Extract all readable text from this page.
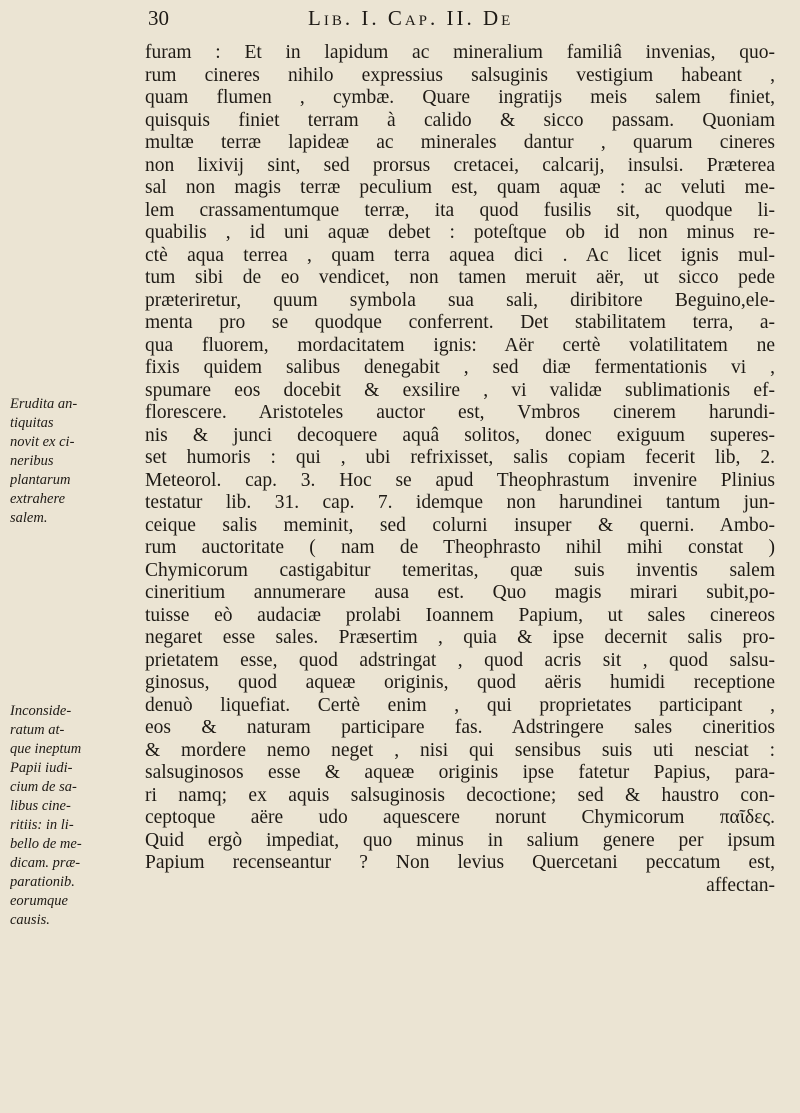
30	Lib. I. Cap. II. De
Erudita an-
tiquitas
novit ex ci-
neribus
plantarum
extrahere
salem.
Inconside-
ratum at-
que ineptum
Papii iudi-
cium de sa-
libus cine-
ritiis: in li-
bello de me-
dicam. præ-
parationib.
eorumque
causis.
furam : Et in lapidum ac mineralium familiâ invenias, quo-
rum cineres nihilo expressius salsuginis vestigium habeant ,
quam flumen , cymbæ. Quare ingratijs meis salem finiet,
quisquis finiet terram à calido & sicco passam. Quoniam
multæ terræ lapideæ ac minerales dantur , quarum cineres
non lixivij sint, sed prorsus cretacei, calcarij, insulsi. Præterea
sal non magis terræ peculium est, quam aquæ : ac veluti me-
lem crassamentumque terræ, ita quod fusilis sit, quodque li-
quabilis , id uni aquæ debet : poteſtque ob id non minus re-
ctè aqua terrea , quam terra aquea dici . Ac licet ignis mul-
tum sibi de eo vendicet, non tamen meruit aër, ut sicco pede
præteriretur, quum symbola sua sali, diribitore Beguino,ele-
menta pro se quodque conferrent. Det stabilitatem terra, a-
qua fluorem, mordacitatem ignis: Aër certè volatilitatem ne
fixis quidem salibus denegabit , sed diæ fermentationis vi ,
spumare eos docebit & exsilire , vi validæ sublimationis ef-
florescere. Aristoteles auctor est, Vmbros cinerem harundi-
nis & junci decoquere aquâ solitos, donec exiguum superes-
set humoris : qui , ubi refrixisset, salis copiam fecerit lib, 2.
Meteorol. cap. 3. Hoc se apud Theophrastum invenire Plinius
testatur lib. 31. cap. 7. idemque non harundinei tantum jun-
ceique salis meminit, sed colurni insuper & querni. Ambo-
rum auctoritate ( nam de Theophrasto nihil mihi constat )
Chymicorum castigabitur temeritas, quæ suis inventis salem
cineritium annumerare ausa est. Quo magis mirari subit,po-
tuisse eò audaciæ prolabi Ioannem Papium, ut sales cinereos
negaret esse sales. Præsertim , quia & ipse decernit salis pro-
prietatem esse, quod adstringat , quod acris sit , quod salsu-
ginosus, quod aqueæ originis, quod aëris humidi receptione
denuò liquefiat. Certè enim , qui proprietates participant ,
eos & naturam participare fas. Adstringere sales cineritios
& mordere nemo neget , nisi qui sensibus suis uti nesciat :
salsuginosos esse & aqueæ originis ipse fatetur Papius, para-
ri namq; ex aquis salsuginosis decoctione; sed & haustro con-
ceptoque aëre udo aquescere norunt Chymicorum παῖδες.
Quid ergò impediat, quo minus in salium genere per ipsum
Papium recenseantur ? Non levius Quercetani peccatum est,
affectan-
